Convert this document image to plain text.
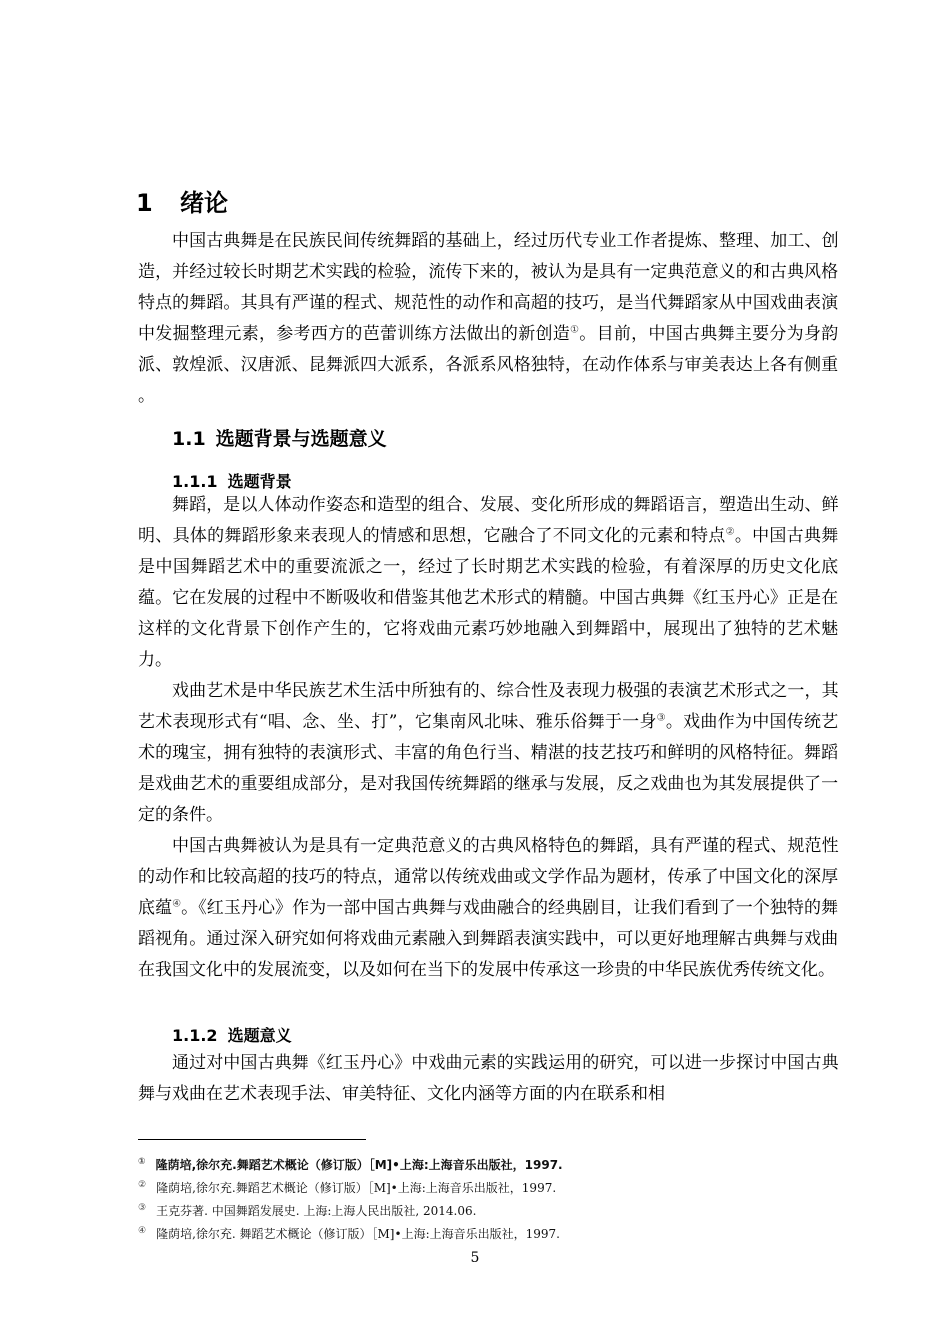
1 绪论

中国古典舞是在民族民间传统舞蹈的基础上，经过历代专业工作者提炼、整理、加工、创造，并经过较长时期艺术实践的检验，流传下来的，被认为是具有一定典范意义的和古典风格特点的舞蹈。其具有严谨的程式、规范性的动作和高超的技巧，是当代舞蹈家从中国戏曲表演中发掘整理元素，参考西方的芭蕾训练方法做出的新创造①。目前，中国古典舞主要分为身韵派、敦煌派、汉唐派、昆舞派四大派系，各派系风格独特，在动作体系与审美表达上各有侧重 。

1.1 选题背景与选题意义
1.1.1 选题背景

舞蹈，是以人体动作姿态和造型的组合、发展、变化所形成的舞蹈语言，塑造出生动、鲜明、具体的舞蹈形象来表现人的情感和思想，它融合了不同文化的元素和特点②。中国古典舞是中国舞蹈艺术中的重要流派之一，经过了长时期艺术实践的检验，有着深厚的历史文化底蕴。它在发展的过程中不断吸收和借鉴其他艺术形式的精髓。中国古典舞《红玉丹心》正是在这样的文化背景下创作产生的，它将戏曲元素巧妙地融入到舞蹈中，展现出了独特的艺术魅力。

戏曲艺术是中华民族艺术生活中所独有的、综合性及表现力极强的表演艺术形式之一，其艺术表现形式有“唱、念、坐、打”，它集南风北味、雅乐俗舞于一身③。戏曲作为中国传统艺术的瑰宝，拥有独特的表演形式、丰富的角色行当、精湛的技艺技巧和鲜明的风格特征。舞蹈是戏曲艺术的重要组成部分，是对我国传统舞蹈的继承与发展，反之戏曲也为其发展提供了一定的条件。

中国古典舞被认为是具有一定典范意义的古典风格特色的舞蹈，具有严谨的程式、规范性的动作和比较高超的技巧的特点，通常以传统戏曲或文学作品为题材，传承了中国文化的深厚底蕴④。《红玉丹心》作为一部中国古典舞与戏曲融合的经典剧目，让我们看到了一个独特的舞蹈视角。通过深入研究如何将戏曲元素融入到舞蹈表演实践中，可以更好地理解古典舞与戏曲在我国文化中的发展流变，以及如何在当下的发展中传承这一珍贵的中华民族优秀传统文化。

1.1.2 选题意义

通过对中国古典舞《红玉丹心》中戏曲元素的实践运用的研究，可以进一步探讨中国古典舞与戏曲在艺术表现手法、审美特征、文化内涵等方面的内在联系和相

① 隆荫培,徐尔充.舞蹈艺术概论（修订版）［M]•上海:上海音乐出版社，1997.
② 隆荫培,徐尔充.舞蹈艺术概论（修订版）［M]•上海:上海音乐出版社，1997.
③ 王克芬著. 中国舞蹈发展史. 上海:上海人民出版社, 2014.06.
④ 隆荫培,徐尔充. 舞蹈艺术概论（修订版）［M]•上海:上海音乐出版社，1997.
5
